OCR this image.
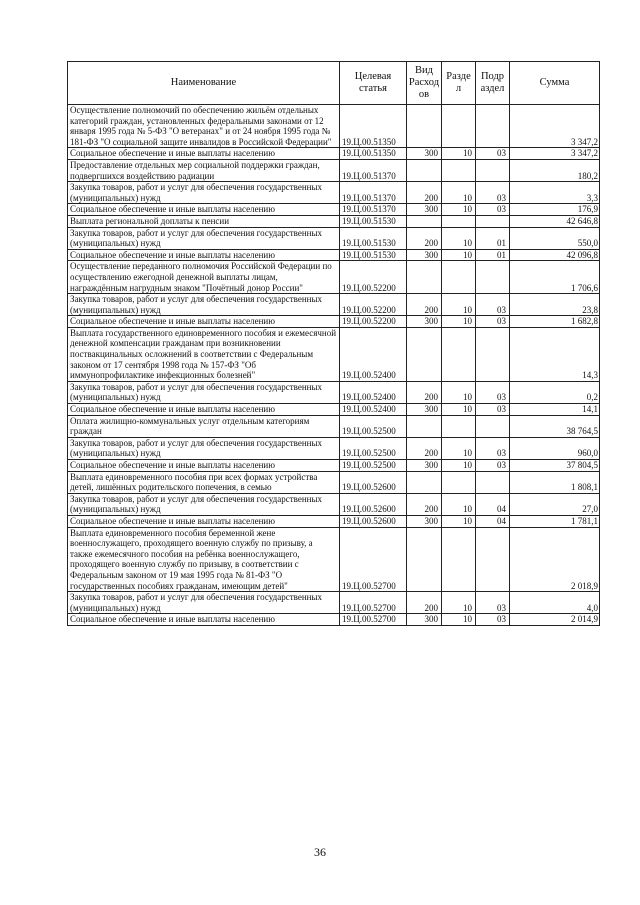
Наименование	Целевая статья	Вид Расход ов	Разде л	Подр аздел	Сумма
Осуществление полномочий по обеспечению жильём отдельных категорий граждан, установленных федеральными законами от 12 января 1995 года № 5-ФЗ "О ветеранах" и от 24 ноября 1995 года № 181-ФЗ "О социальной защите инвалидов в Российской Федерации"	19.Ц.00.51350				3 347,2
Социальное обеспечение и иные выплаты населению	19.Ц.00.51350	300	10	03	3 347,2
Предоставление отдельных мер социальной поддержки граждан, подвергшихся воздействию радиации	19.Ц.00.51370				180,2
Закупка товаров, работ и услуг для обеспечения государственных (муниципальных) нужд	19.Ц.00.51370	200	10	03	3,3
Социальное обеспечение и иные выплаты населению	19.Ц.00.51370	300	10	03	176,9
Выплата региональной доплаты к пенсии	19.Ц.00.51530				42 646,8
Закупка товаров, работ и услуг для обеспечения государственных (муниципальных) нужд	19.Ц.00.51530	200	10	01	550,0
Социальное обеспечение и иные выплаты населению	19.Ц.00.51530	300	10	01	42 096,8
Осуществление переданного полномочия Российской Федерации по осуществлению ежегодной денежной выплаты лицам, награждённым нагрудным знаком "Почётный донор России"	19.Ц.00.52200				1 706,6
Закупка товаров, работ и услуг для обеспечения государственных (муниципальных) нужд	19.Ц.00.52200	200	10	03	23,8
Социальное обеспечение и иные выплаты населению	19.Ц.00.52200	300	10	03	1 682,8
Выплата государственного единовременного пособия и ежемесячной денежной компенсации гражданам при возникновении поствакцинальных осложнений в соответствии с Федеральным законом от 17 сентября 1998 года № 157-ФЗ "Об иммунопрофилактике инфекционных болезней"	19.Ц.00.52400				14,3
Закупка товаров, работ и услуг для обеспечения государственных (муниципальных) нужд	19.Ц.00.52400	200	10	03	0,2
Социальное обеспечение и иные выплаты населению	19.Ц.00.52400	300	10	03	14,1
Оплата жилищно-коммунальных услуг отдельным категориям граждан	19.Ц.00.52500				38 764,5
Закупка товаров, работ и услуг для обеспечения государственных (муниципальных) нужд	19.Ц.00.52500	200	10	03	960,0
Социальное обеспечение и иные выплаты населению	19.Ц.00.52500	300	10	03	37 804,5
Выплата единовременного пособия при всех формах устройства детей, лишённых родительского попечения, в семью	19.Ц.00.52600				1 808,1
Закупка товаров, работ и услуг для обеспечения государственных (муниципальных) нужд	19.Ц.00.52600	200	10	04	27,0
Социальное обеспечение и иные выплаты населению	19.Ц.00.52600	300	10	04	1 781,1
Выплата единовременного пособия беременной жене военнослужащего, проходящего военную службу по призыву, а также ежемесячного пособия на ребёнка военнослужащего, проходящего военную службу по призыву, в соответствии с Федеральным законом от 19 мая 1995 года № 81-ФЗ "О государственных пособиях гражданам, имеющим детей"	19.Ц.00.52700				2 018,9
Закупка товаров, работ и услуг для обеспечения государственных (муниципальных) нужд	19.Ц.00.52700	200	10	03	4,0
Социальное обеспечение и иные выплаты населению	19.Ц.00.52700	300	10	03	2 014,9
36
